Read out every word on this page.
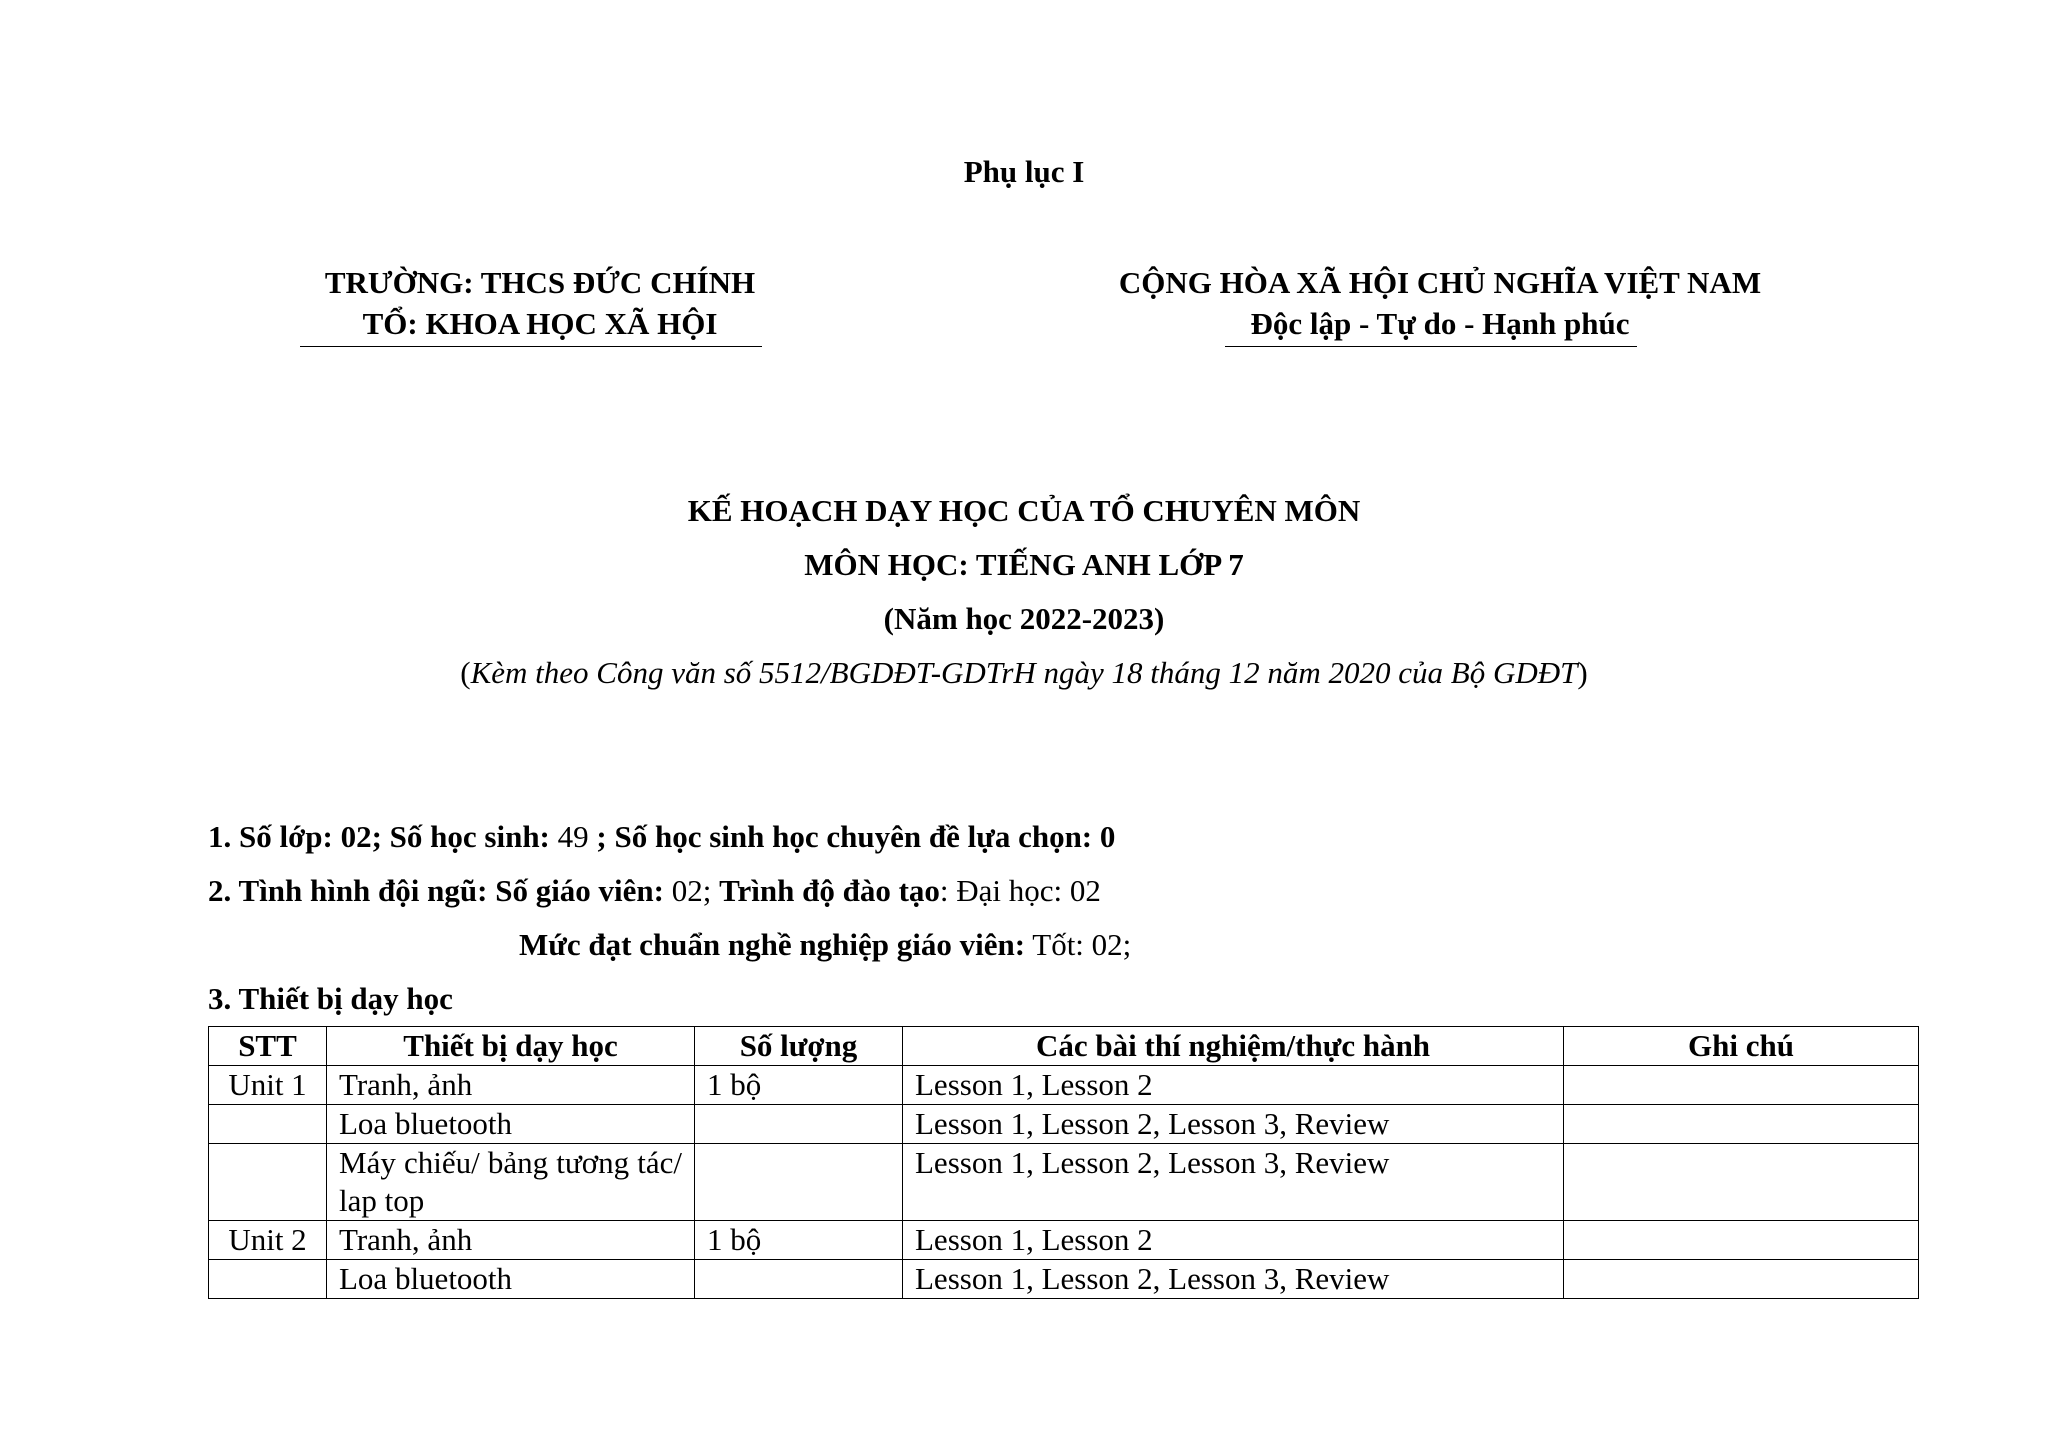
Phụ lục I
TRƯỜNG: THCS ĐỨC CHÍNH
TỔ: KHOA HỌC XÃ HỘI
CỘNG HÒA XÃ HỘI CHỦ NGHĨA VIỆT NAM
Độc lập - Tự do - Hạnh phúc
KẾ HOẠCH DẠY HỌC CỦA TỔ CHUYÊN MÔN
MÔN HỌC: TIẾNG ANH LỚP 7
(Năm học 2022-2023)
(Kèm theo Công văn số 5512/BGDĐT-GDTrH ngày 18 tháng 12 năm 2020 của Bộ GDĐT)
1. Số lớp: 02; Số học sinh: 49 ; Số học sinh học chuyên đề lựa chọn: 0
2. Tình hình đội ngũ: Số giáo viên: 02; Trình độ đào tạo: Đại học: 02
Mức đạt chuẩn nghề nghiệp giáo viên: Tốt: 02;
3. Thiết bị dạy học
STT	Thiết bị dạy học	Số lượng	Các bài thí nghiệm/thực hành	Ghi chú
Unit 1	Tranh, ảnh	1 bộ	Lesson 1, Lesson 2	
	Loa bluetooth		Lesson 1, Lesson 2, Lesson 3, Review	
	Máy chiếu/ bảng tương tác/ lap top		Lesson 1, Lesson 2, Lesson 3, Review	
Unit 2	Tranh, ảnh	1 bộ	Lesson 1, Lesson 2	
	Loa bluetooth		Lesson 1, Lesson 2, Lesson 3, Review	
